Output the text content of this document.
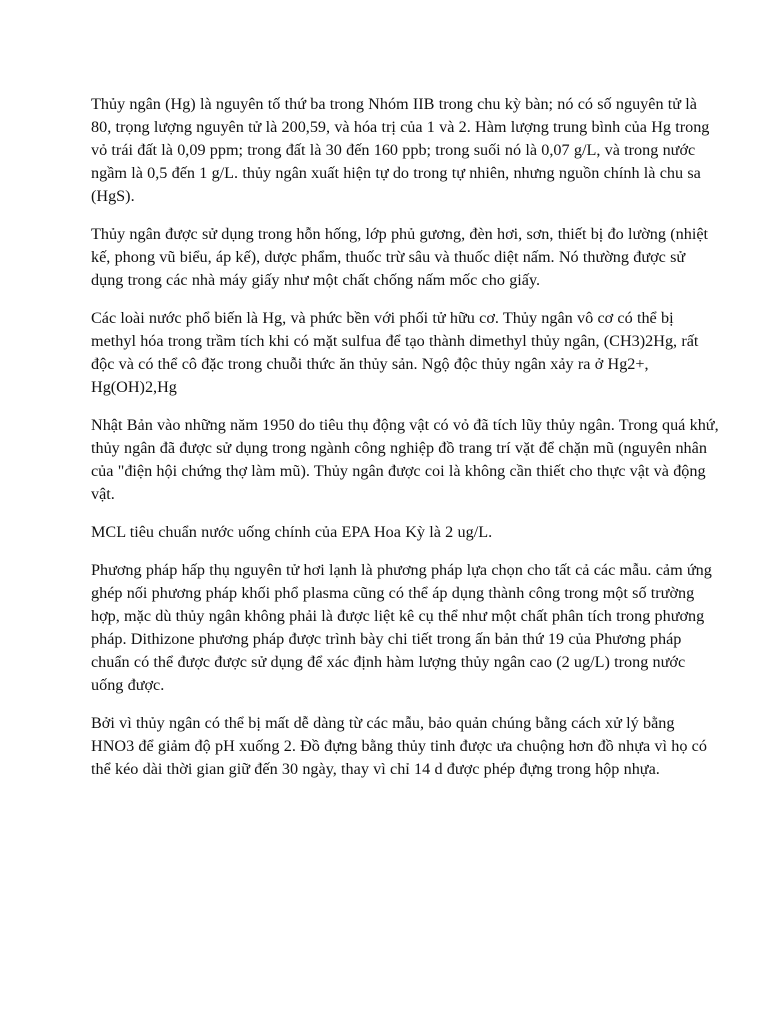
Thủy ngân (Hg) là nguyên tố thứ ba trong Nhóm IIB trong chu kỳ bàn; nó có số nguyên tử là 80, trọng lượng nguyên tử là 200,59, và hóa trị của 1 và 2. Hàm lượng trung bình của Hg trong vỏ trái đất là 0,09 ppm; trong đất là 30 đến 160 ppb; trong suối nó là 0,07 g/L, và trong nước ngầm là 0,5 đến 1 g/L. thủy ngân xuất hiện tự do trong tự nhiên, nhưng nguồn chính là chu sa (HgS).

Thủy ngân được sử dụng trong hỗn hống, lớp phủ gương, đèn hơi, sơn, thiết bị đo lường (nhiệt kế, phong vũ biểu, áp kế), dược phẩm, thuốc trừ sâu và thuốc diệt nấm. Nó thường được sử dụng trong các nhà máy giấy như một chất chống nấm mốc cho giấy.

Các loài nước phổ biến là Hg, và phức bền với phối tử hữu cơ. Thủy ngân vô cơ có thể bị methyl hóa trong trầm tích khi có mặt sulfua để tạo thành dimethyl thủy ngân, (CH3)2Hg, rất độc và có thể cô đặc trong chuỗi thức ăn thủy sản. Ngộ độc thủy ngân xảy ra ở Hg2+, Hg(OH)2,Hg

Nhật Bản vào những năm 1950 do tiêu thụ động vật có vỏ đã tích lũy thủy ngân. Trong quá khứ, thủy ngân đã được sử dụng trong ngành công nghiệp đồ trang trí vặt để chặn mũ (nguyên nhân của "điện hội chứng thợ làm mũ). Thủy ngân được coi là không cần thiết cho thực vật và động vật.

MCL tiêu chuẩn nước uống chính của EPA Hoa Kỳ là 2 ug/L.

Phương pháp hấp thụ nguyên tử hơi lạnh là phương pháp lựa chọn cho tất cả các mẫu. cảm ứng ghép nối phương pháp khối phổ plasma cũng có thể áp dụng thành công trong một số trường hợp, mặc dù thủy ngân không phải là được liệt kê cụ thể như một chất phân tích trong phương pháp. Dithizone phương pháp được trình bày chi tiết trong ấn bản thứ 19 của Phương pháp chuẩn có thể được được sử dụng để xác định hàm lượng thủy ngân cao (2 ug/L) trong nước uống được.

Bởi vì thủy ngân có thể bị mất dễ dàng từ các mẫu, bảo quản chúng bằng cách xử lý bằng HNO3 để giảm độ pH xuống 2. Đồ đựng bằng thủy tinh được ưa chuộng hơn đồ nhựa vì họ có thể kéo dài thời gian giữ đến 30 ngày, thay vì chỉ 14 d được phép đựng trong hộp nhựa.
